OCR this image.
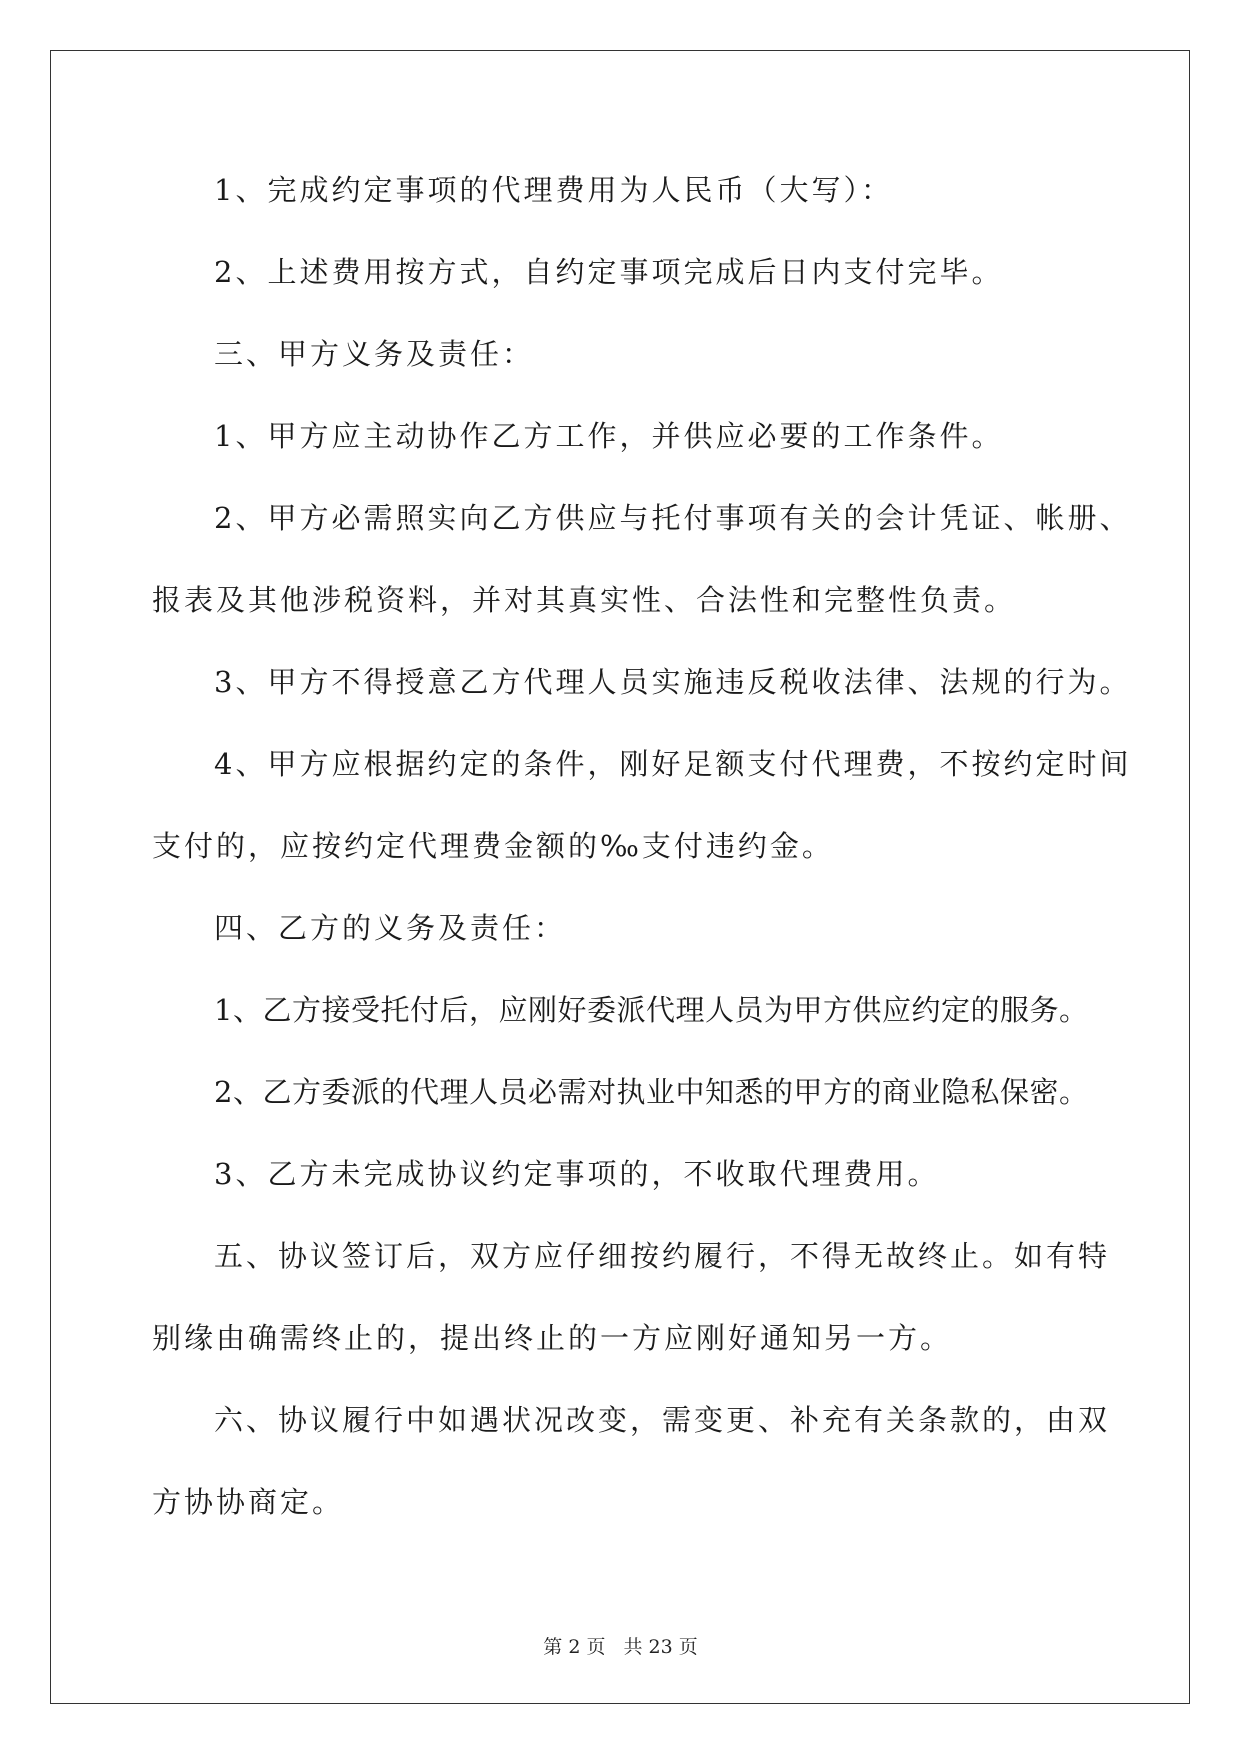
1、完成约定事项的代理费用为人民币（大写）：

2、上述费用按方式，自约定事项完成后日内支付完毕。

三、甲方义务及责任：

1、甲方应主动协作乙方工作，并供应必要的工作条件。

2、甲方必需照实向乙方供应与托付事项有关的会计凭证、帐册、
报表及其他涉税资料，并对其真实性、合法性和完整性负责。

3、甲方不得授意乙方代理人员实施违反税收法律、法规的行为。

4、甲方应根据约定的条件，刚好足额支付代理费，不按约定时间
支付的，应按约定代理费金额的‰支付违约金。

四、乙方的义务及责任：

1、乙方接受托付后，应刚好委派代理人员为甲方供应约定的服务。

2、乙方委派的代理人员必需对执业中知悉的甲方的商业隐私保密。

3、乙方未完成协议约定事项的，不收取代理费用。

五、协议签订后，双方应仔细按约履行，不得无故终止。如有特
别缘由确需终止的，提出终止的一方应刚好通知另一方。

六、协议履行中如遇状况改变，需变更、补充有关条款的，由双
方协协商定。

第 2 页 共 23 页
